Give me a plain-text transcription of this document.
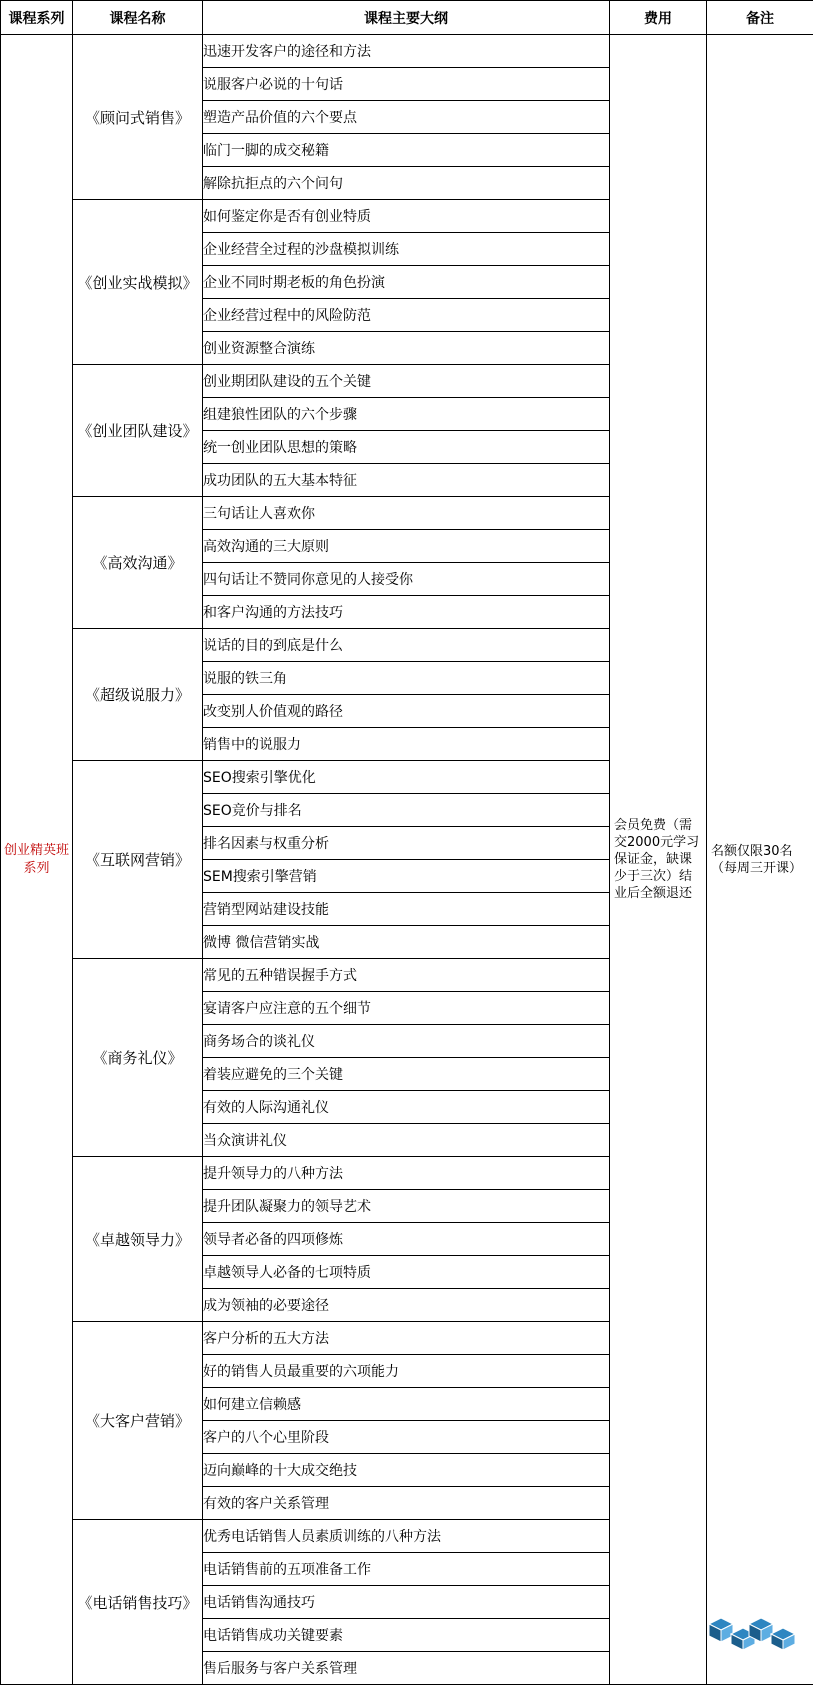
课程系列	课程名称	课程主要大纲	费用	备注
创业精英班系列	《顾问式销售》	迅速开发客户的途径和方法	会员免费（需交2000元学习保证金，缺课少于三次）结业后全额退还	名额仅限30名（每周三开课）

		说服客户必说的十句话		
		塑造产品价值的六个要点		
		临门一脚的成交秘籍		
		解除抗拒点的六个问句		
	《创业实战模拟》	如何鉴定你是否有创业特质		
		企业经营全过程的沙盘模拟训练		
		企业不同时期老板的角色扮演		
		企业经营过程中的风险防范		
		创业资源整合演练		
	《创业团队建设》	创业期团队建设的五个关键		
		组建狼性团队的六个步骤		
		统一创业团队思想的策略		
		成功团队的五大基本特征		
	《高效沟通》	三句话让人喜欢你		
		高效沟通的三大原则		
		四句话让不赞同你意见的人接受你		
		和客户沟通的方法技巧		
	《超级说服力》	说话的目的到底是什么		
		说服的铁三角		
		改变别人价值观的路径		
		销售中的说服力		
	《互联网营销》	SEO搜索引擎优化		
		SEO竞价与排名		
		排名因素与权重分析		
		SEM搜索引擎营销		
		营销型网站建设技能		
		微博 微信营销实战		
	《商务礼仪》	常见的五种错误握手方式		
		宴请客户应注意的五个细节		
		商务场合的谈礼仪		
		着装应避免的三个关键		
		有效的人际沟通礼仪		
		当众演讲礼仪		
	《卓越领导力》	提升领导力的八种方法		
		提升团队凝聚力的领导艺术		
		领导者必备的四项修炼		
		卓越领导人必备的七项特质		
		成为领袖的必要途径		
	《大客户营销》	客户分析的五大方法		
		好的销售人员最重要的六项能力		
		如何建立信赖感		
		客户的八个心里阶段		
		迈向巅峰的十大成交绝技		
		有效的客户关系管理		
	《电话销售技巧》	优秀电话销售人员素质训练的八种方法		
		电话销售前的五项准备工作		
		电话销售沟通技巧		
		电话销售成功关键要素		
		售后服务与客户关系管理		
